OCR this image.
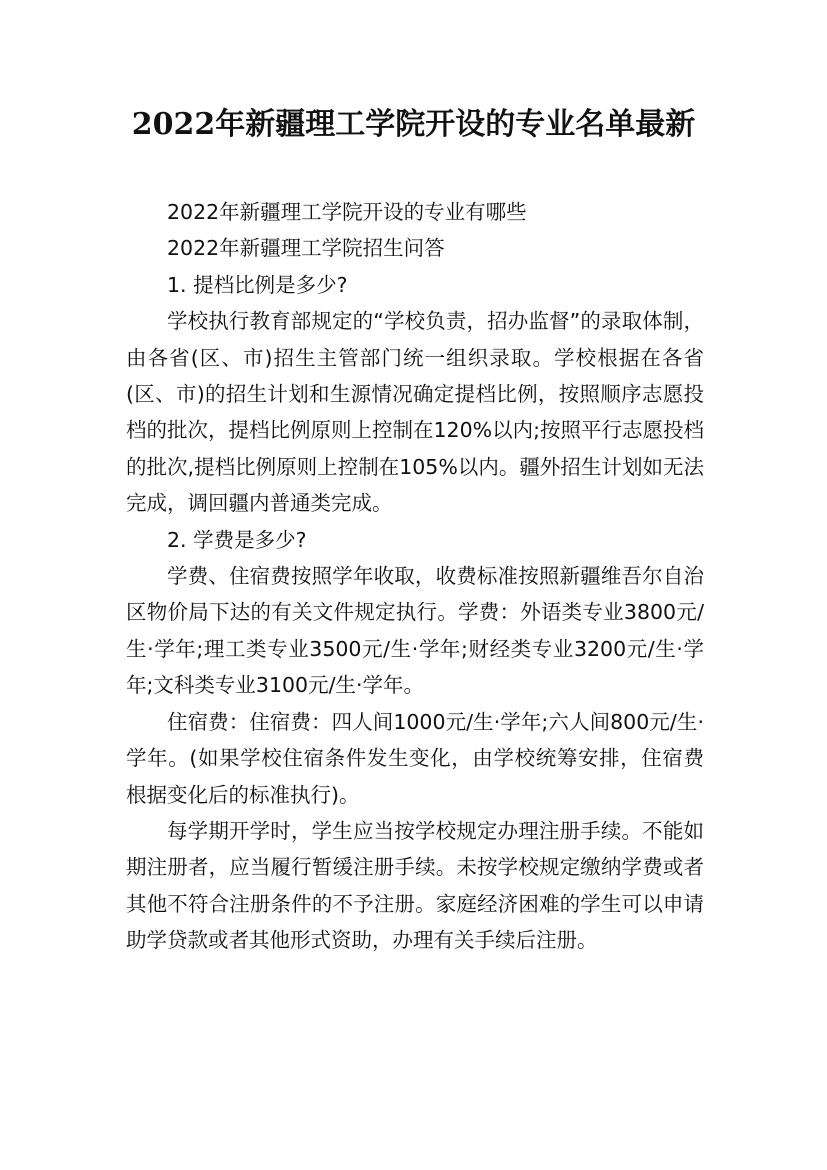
2022年新疆理工学院开设的专业名单最新

2022年新疆理工学院开设的专业有哪些

2022年新疆理工学院招生问答

1. 提档比例是多少?

学校执行教育部规定的“学校负责，招办监督”的录取体制，由各省(区、市)招生主管部门统一组织录取。学校根据在各省(区、市)的招生计划和生源情况确定提档比例，按照顺序志愿投档的批次，提档比例原则上控制在120%以内;按照平行志愿投档的批次,提档比例原则上控制在105%以内。疆外招生计划如无法完成，调回疆内普通类完成。

2. 学费是多少?

学费、住宿费按照学年收取，收费标准按照新疆维吾尔自治区物价局下达的有关文件规定执行。学费：外语类专业3800元/生·学年;理工类专业3500元/生·学年;财经类专业3200元/生·学年;文科类专业3100元/生·学年。

住宿费：住宿费：四人间1000元/生·学年;六人间800元/生·学年。(如果学校住宿条件发生变化，由学校统筹安排，住宿费根据变化后的标准执行)。

每学期开学时，学生应当按学校规定办理注册手续。不能如期注册者，应当履行暂缓注册手续。未按学校规定缴纳学费或者其他不符合注册条件的不予注册。家庭经济困难的学生可以申请助学贷款或者其他形式资助，办理有关手续后注册。
